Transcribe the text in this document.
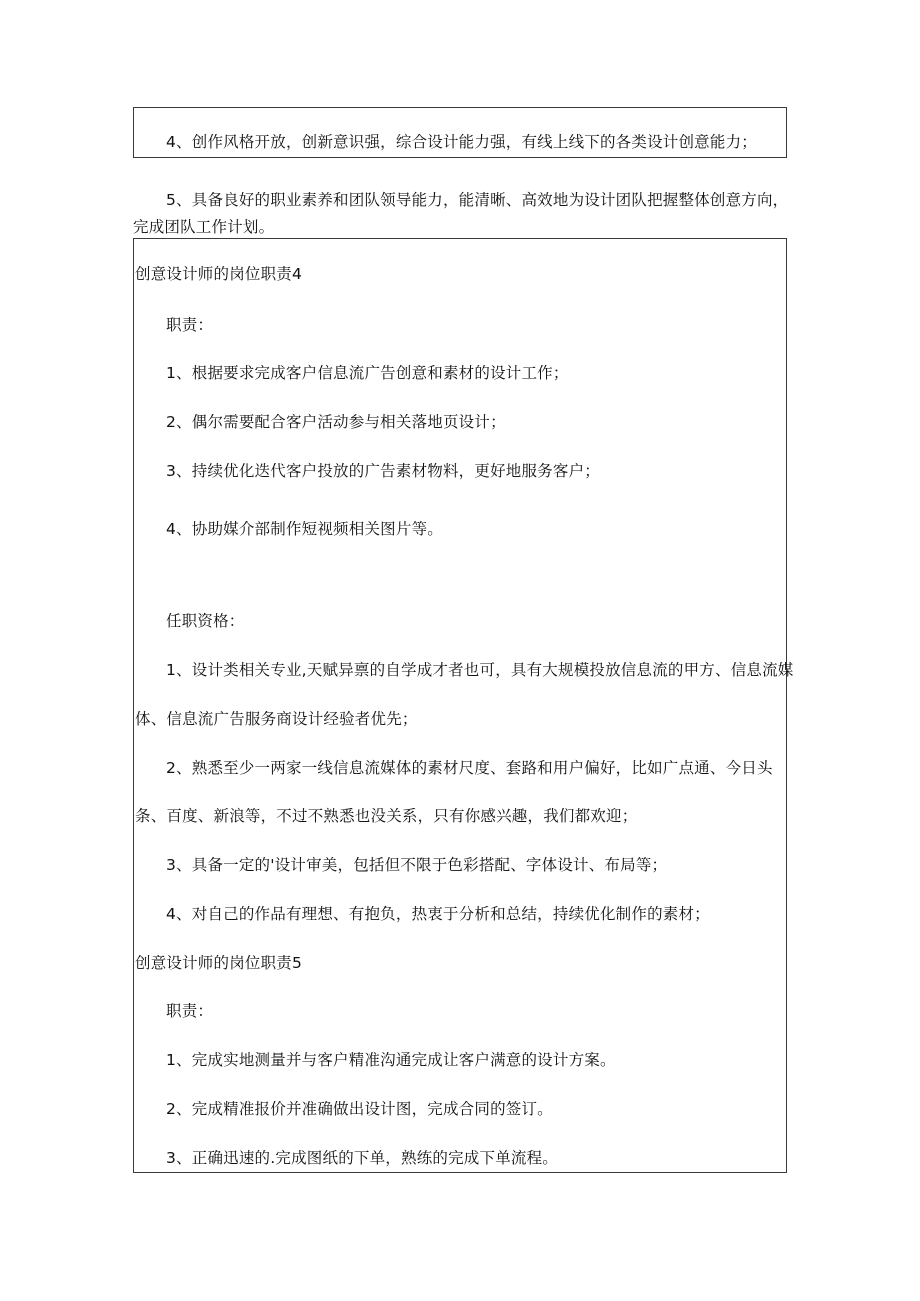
4、创作风格开放，创新意识强，综合设计能力强，有线上线下的各类设计创意能力；
5、具备良好的职业素养和团队领导能力，能清晰、高效地为设计团队把握整体创意方向，
完成团队工作计划。
创意设计师的岗位职责4
职责：
1、根据要求完成客户信息流广告创意和素材的设计工作；
2、偶尔需要配合客户活动参与相关落地页设计；
3、持续优化迭代客户投放的广告素材物料，更好地服务客户；
4、协助媒介部制作短视频相关图片等。
任职资格：
1、设计类相关专业,天赋异禀的自学成才者也可，具有大规模投放信息流的甲方、信息流媒
体、信息流广告服务商设计经验者优先；
2、熟悉至少一两家一线信息流媒体的素材尺度、套路和用户偏好，比如广点通、今日头
条、百度、新浪等，不过不熟悉也没关系，只有你感兴趣，我们都欢迎；
3、具备一定的'设计审美，包括但不限于色彩搭配、字体设计、布局等；
4、对自己的作品有理想、有抱负，热衷于分析和总结，持续优化制作的素材；
创意设计师的岗位职责5
职责：
1、完成实地测量并与客户精准沟通完成让客户满意的设计方案。
2、完成精准报价并准确做出设计图，完成合同的签订。
3、正确迅速的.完成图纸的下单，熟练的完成下单流程。
